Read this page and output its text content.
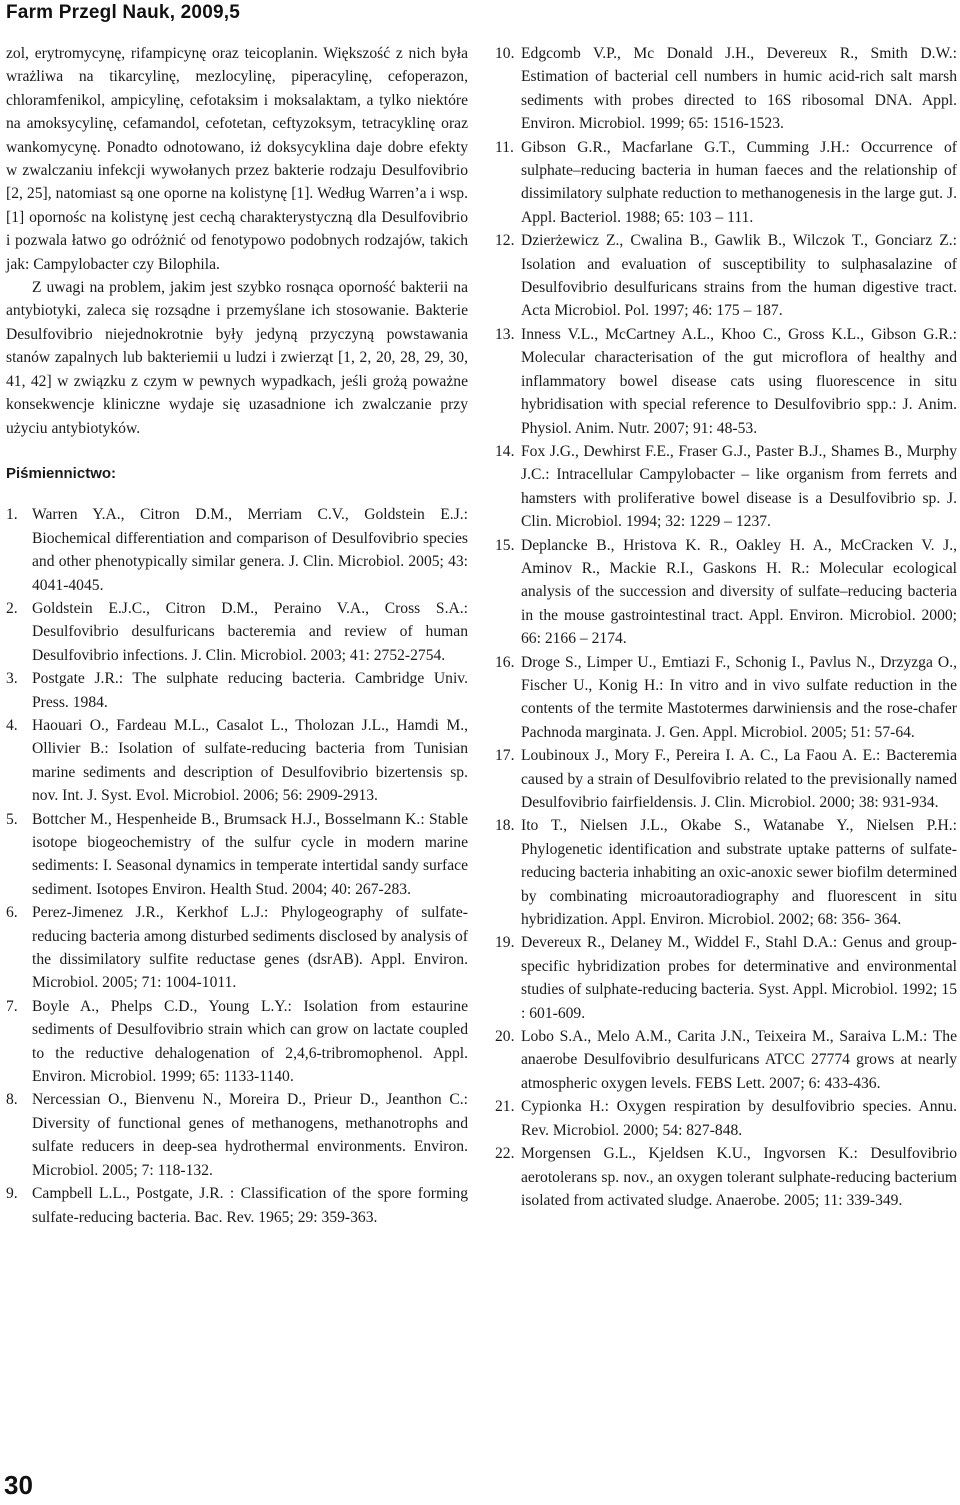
Farm Przegl Nauk, 2009,5

zol, erytromycynę, rifampicynę oraz teicoplanin. Większość z nich była wrażliwa na tikarcylinę, mezlocylinę, piperacylinę, cefoperazon, chloramfenikol, ampicylinę, cefotaksim i moksalaktam, a tylko niektóre na amoksycylinę, cefamandol, cefotetan, ceftyzoksym, tetracyklinę oraz wankomycynę. Ponadto odnotowano, iż doksycyklina daje dobre efekty w zwalczaniu infekcji wywołanych przez bakterie rodzaju Desulfovibrio [2, 25], natomiast są one oporne na kolistynę [1]. Według Warren’a i wsp. [1] opornośc na kolistynę jest cechą charakterystyczną dla Desulfovibrio i pozwala łatwo go odróżnić od fenotypowo podobnych rodzajów, takich jak: Campylobacter czy Bilophila.

Z uwagi na problem, jakim jest szybko rosnąca oporność bakterii na antybiotyki, zaleca się rozsądne i przemyślane ich stosowanie. Bakterie Desulfovibrio niejednokrotnie były jedyną przyczyną powstawania stanów zapalnych lub bakteriemii u ludzi i zwierząt [1, 2, 20, 28, 29, 30, 41, 42] w związku z czym w pewnych wypadkach, jeśli grożą poważne konsekwencje kliniczne wydaje się uzasadnione ich zwalczanie przy użyciu antybiotyków.

Piśmiennictwo:
1. Warren Y.A., Citron D.M., Merriam C.V., Goldstein E.J.: Biochemical differentiation and comparison of Desulfovibrio species and other phenotypically similar genera. J. Clin. Microbiol. 2005; 43: 4041-4045.
2. Goldstein E.J.C., Citron D.M., Peraino V.A., Cross S.A.: Desulfovibrio desulfuricans bacteremia and review of human Desulfovibrio infections. J. Clin. Microbiol. 2003; 41: 2752-2754.
3. Postgate J.R.: The sulphate reducing bacteria. Cambridge Univ. Press. 1984.
4. Haouari O., Fardeau M.L., Casalot L., Tholozan J.L., Hamdi M., Ollivier B.: Isolation of sulfate-reducing bacteria from Tunisian marine sediments and description of Desulfovibrio bizertensis sp. nov. Int. J. Syst. Evol. Microbiol. 2006; 56: 2909-2913.
5. Bottcher M., Hespenheide B., Brumsack H.J., Bosselmann K.: Stable isotope biogeochemistry of the sulfur cycle in modern marine sediments: I. Seasonal dynamics in temperate intertidal sandy surface sediment. Isotopes Environ. Health Stud. 2004; 40: 267-283.
6. Perez-Jimenez J.R., Kerkhof L.J.: Phylogeography of sulfate-reducing bacteria among disturbed sediments disclosed by analysis of the dissimilatory sulfite reductase genes (dsrAB). Appl. Environ. Microbiol. 2005; 71: 1004-1011.
7. Boyle A., Phelps C.D., Young L.Y.: Isolation from estaurine sediments of Desulfovibrio strain which can grow on lactate coupled to the reductive dehalogenation of 2,4,6-tribromophenol. Appl. Environ. Microbiol. 1999; 65: 1133-1140.
8. Nercessian O., Bienvenu N., Moreira D., Prieur D., Jeanthon C.: Diversity of functional genes of methanogens, methanotrophs and sulfate reducers in deep-sea hydrothermal environments. Environ. Microbiol. 2005; 7: 118-132.
9. Campbell L.L., Postgate, J.R. : Classification of the spore forming sulfate-reducing bacteria. Bac. Rev. 1965; 29: 359-363.
10. Edgcomb V.P., Mc Donald J.H., Devereux R., Smith D.W.: Estimation of bacterial cell numbers in humic acid-rich salt marsh sediments with probes directed to 16S ribosomal DNA. Appl. Environ. Microbiol. 1999; 65: 1516-1523.
11. Gibson G.R., Macfarlane G.T., Cumming J.H.: Occurrence of sulphate–reducing bacteria in human faeces and the relationship of dissimilatory sulphate reduction to methanogenesis in the large gut. J. Appl. Bacteriol. 1988; 65: 103 – 111.
12. Dzierżewicz Z., Cwalina B., Gawlik B., Wilczok T., Gonciarz Z.: Isolation and evaluation of susceptibility to sulphasalazine of Desulfovibrio desulfuricans strains from the human digestive tract. Acta Microbiol. Pol. 1997; 46: 175 – 187.
13. Inness V.L., McCartney A.L., Khoo C., Gross K.L., Gibson G.R.: Molecular characterisation of the gut microflora of healthy and inflammatory bowel disease cats using fluorescence in situ hybridisation with special reference to Desulfovibrio spp.: J. Anim. Physiol. Anim. Nutr. 2007; 91: 48-53.
14. Fox J.G., Dewhirst F.E., Fraser G.J., Paster B.J., Shames B., Murphy J.C.: Intracellular Campylobacter – like organism from ferrets and hamsters with proliferative bowel disease is a Desulfovibrio sp. J. Clin. Microbiol. 1994; 32: 1229 – 1237.
15. Deplancke B., Hristova K. R., Oakley H. A., McCracken V. J., Aminov R., Mackie R.I., Gaskons H. R.: Molecular ecological analysis of the succession and diversity of sulfate–reducing bacteria in the mouse gastrointestinal tract. Appl. Environ. Microbiol. 2000; 66: 2166 – 2174.
16. Droge S., Limper U., Emtiazi F., Schonig I., Pavlus N., Drzyzga O., Fischer U., Konig H.: In vitro and in vivo sulfate reduction in the contents of the termite Mastotermes darwiniensis and the rose-chafer Pachnoda marginata. J. Gen. Appl. Microbiol. 2005; 51: 57-64.
17. Loubinoux J., Mory F., Pereira I. A. C., La Faou A. E.: Bacteremia caused by a strain of Desulfovibrio related to the previsionally named Desulfovibrio fairfieldensis. J. Clin. Microbiol. 2000; 38: 931-934.
18. Ito T., Nielsen J.L., Okabe S., Watanabe Y., Nielsen P.H.: Phylogenetic identification and substrate uptake patterns of sulfate-reducing bacteria inhabiting an oxic-anoxic sewer biofilm determined by combinating microautoradiography and fluorescent in situ hybridization. Appl. Environ. Microbiol. 2002; 68: 356- 364.
19. Devereux R., Delaney M., Widdel F., Stahl D.A.: Genus and group-specific hybridization probes for determinative and environmental studies of sulphate-reducing bacteria. Syst. Appl. Microbiol. 1992; 15 : 601-609.
20. Lobo S.A., Melo A.M., Carita J.N., Teixeira M., Saraiva L.M.: The anaerobe Desulfovibrio desulfuricans ATCC 27774 grows at nearly atmospheric oxygen levels. FEBS Lett. 2007; 6: 433-436.
21. Cypionka H.: Oxygen respiration by desulfovibrio species. Annu. Rev. Microbiol. 2000; 54: 827-848.
22. Morgensen G.L., Kjeldsen K.U., Ingvorsen K.: Desulfovibrio aerotolerans sp. nov., an oxygen tolerant sulphate-reducing bacterium isolated from activated sludge. Anaerobe. 2005; 11: 339-349.
30
